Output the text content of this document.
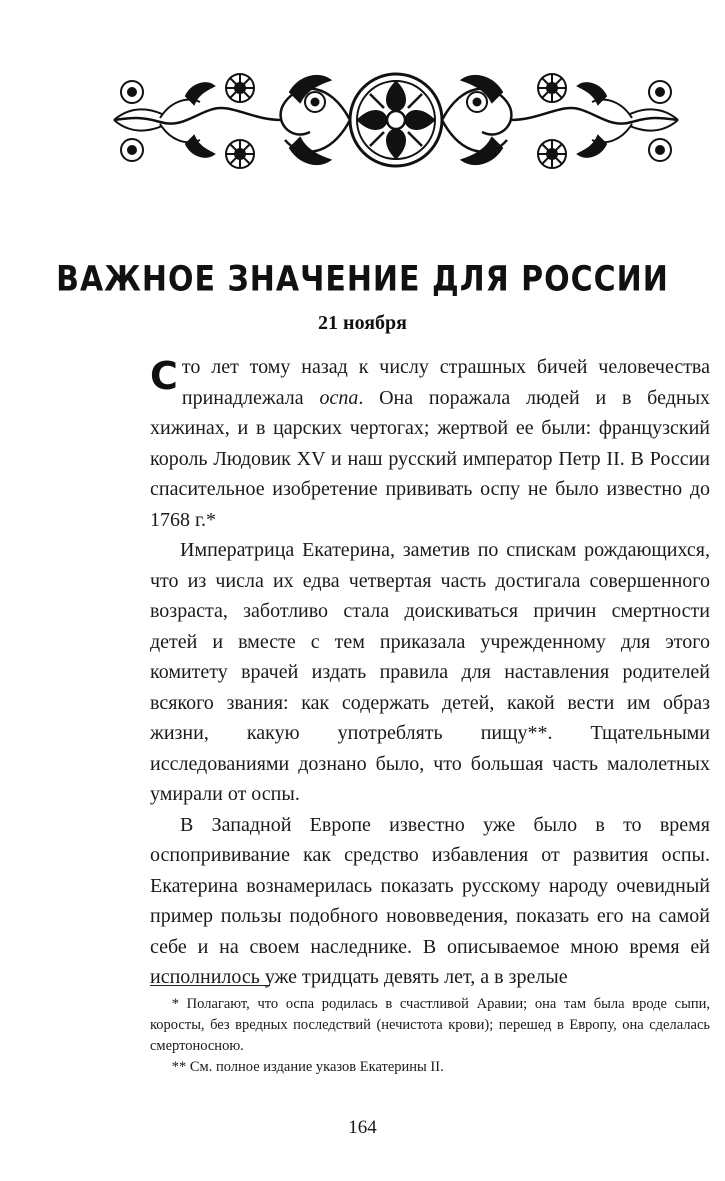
ВАЖНОЕ ЗНАЧЕНИЕ ДЛЯ РОССИИ
21 ноября

Сто лет тому назад к числу страшных бичей человечества принадлежала оспа. Она поражала людей и в бедных хижинах, и в царских чертогах; жертвой ее были: французский король Людовик XV и наш русский император Петр II. В России спасительное изобретение прививать оспу не было известно до 1768 г.*

Императрица Екатерина, заметив по спискам рождающихся, что из числа их едва четвертая часть достигала совершенного возраста, заботливо стала доискиваться причин смертности детей и вместе с тем приказала учрежденному для этого комитету врачей издать правила для наставления родителей всякого звания: как содержать детей, какой вести им образ жизни, какую употреблять пищу**. Тщательными исследованиями дознано было, что большая часть малолетных умирали от оспы.

В Западной Европе известно уже было в то время оспопрививание как средство избавления от развития оспы. Екатерина вознамерилась показать русскому народу очевидный пример пользы подобного нововведения, показать его на самой себе и на своем наследнике. В описываемое мною время ей исполнилось уже тридцать девять лет, а в зрелые

* Полагают, что оспа родилась в счастливой Аравии; она там была вроде сыпи, коросты, без вредных последствий (нечистота крови); перешед в Европу, она сделалась смертоносною.

** См. полное издание указов Екатерины II.

164
